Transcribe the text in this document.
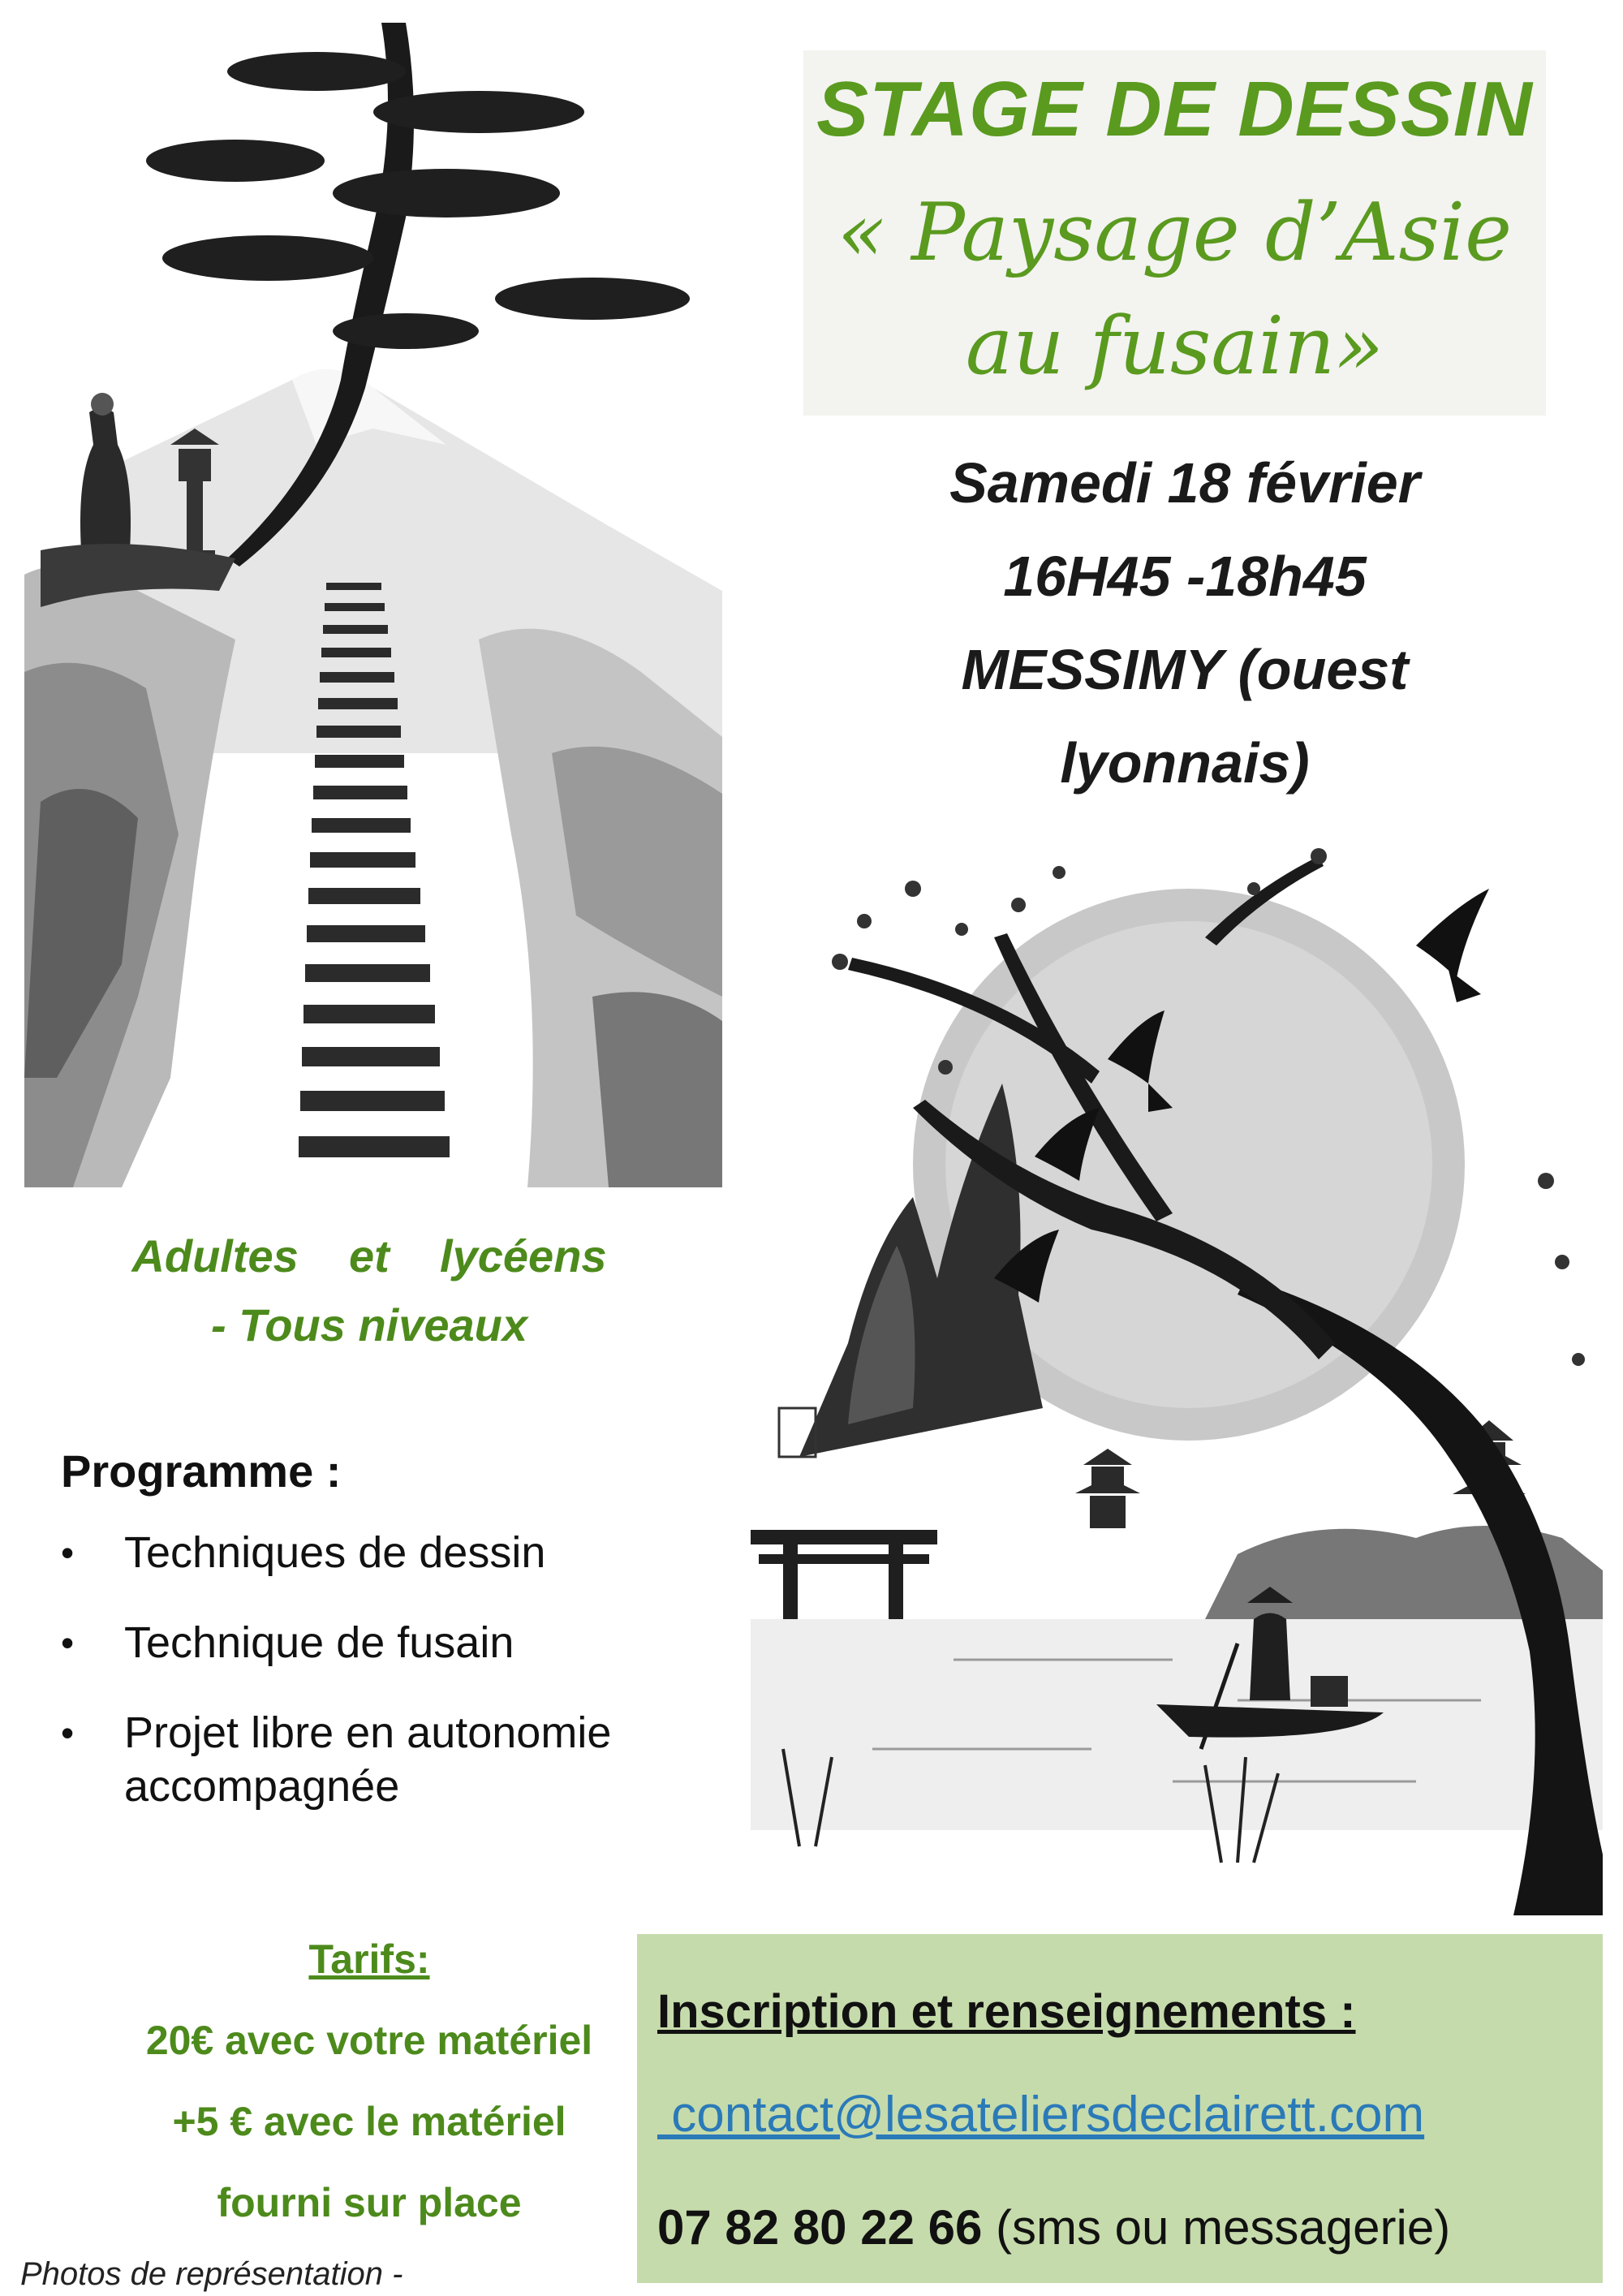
STAGE DE DESSIN
« Paysage d’Asie
au fusain»
Samedi 18 février
16H45 -18h45
MESSIMY (ouest
lyonnais)
Adultes    et    lycéens
- Tous niveaux
Programme :
• Techniques de dessin
• Technique de fusain
• Projet libre en autonomie accompagnée
Tarifs:
20€ avec votre matériel
+5 € avec le matériel
fourni sur place
Inscription et renseignements :
contact@lesateliersdeclairett.com
07 82 80 22 66 (sms ou messagerie)
Photos de représentation -
